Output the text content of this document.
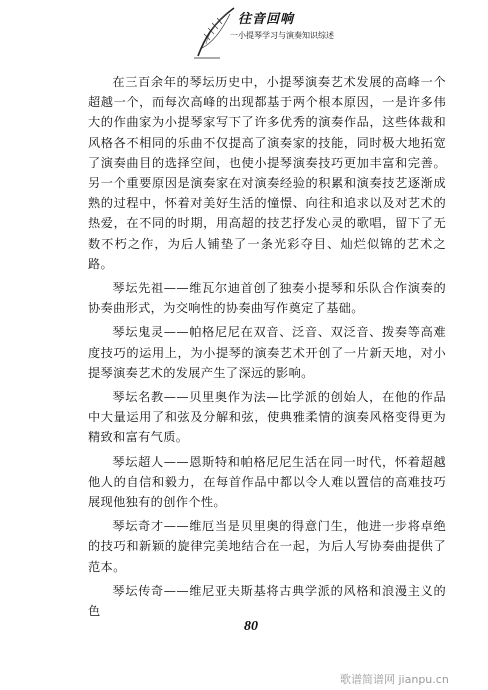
往音回响
一小提琴学习与演奏知识综述

在三百余年的琴坛历史中，小提琴演奏艺术发展的高峰一个超越一个，而每次高峰的出现都基于两个根本原因，一是许多伟大的作曲家为小提琴家写下了许多优秀的演奏作品，这些体裁和风格各不相同的乐曲不仅提高了演奏家的技能，同时极大地拓宽了演奏曲目的选择空间，也使小提琴演奏技巧更加丰富和完善。另一个重要原因是演奏家在对演奏经验的积累和演奏技艺逐渐成熟的过程中，怀着对美好生活的憧憬、向往和追求以及对艺术的热爱，在不同的时期，用高超的技艺抒发心灵的歌唱，留下了无数不朽之作，为后人铺垫了一条光彩夺目、灿烂似锦的艺术之路。

琴坛先祖——维瓦尔迪首创了独奏小提琴和乐队合作演奏的协奏曲形式，为交响性的协奏曲写作奠定了基础。

琴坛鬼灵——帕格尼尼在双音、泛音、双泛音、拨奏等高难度技巧的运用上，为小提琴的演奏艺术开创了一片新天地，对小提琴演奏艺术的发展产生了深远的影响。

琴坛名教——贝里奥作为法—比学派的创始人，在他的作品中大量运用了和弦及分解和弦，使典雅柔情的演奏风格变得更为精致和富有气质。

琴坛超人——恩斯特和帕格尼尼生活在同一时代，怀着超越他人的自信和毅力，在每首作品中都以令人难以置信的高难技巧展现他独有的创作个性。

琴坛奇才——维厄当是贝里奥的得意门生，他进一步将卓绝的技巧和新颖的旋律完美地结合在一起，为后人写协奏曲提供了范本。

琴坛传奇——维尼亚夫斯基将古典学派的风格和浪漫主义的色

80
歌谱简谱网 jianpu.cn
